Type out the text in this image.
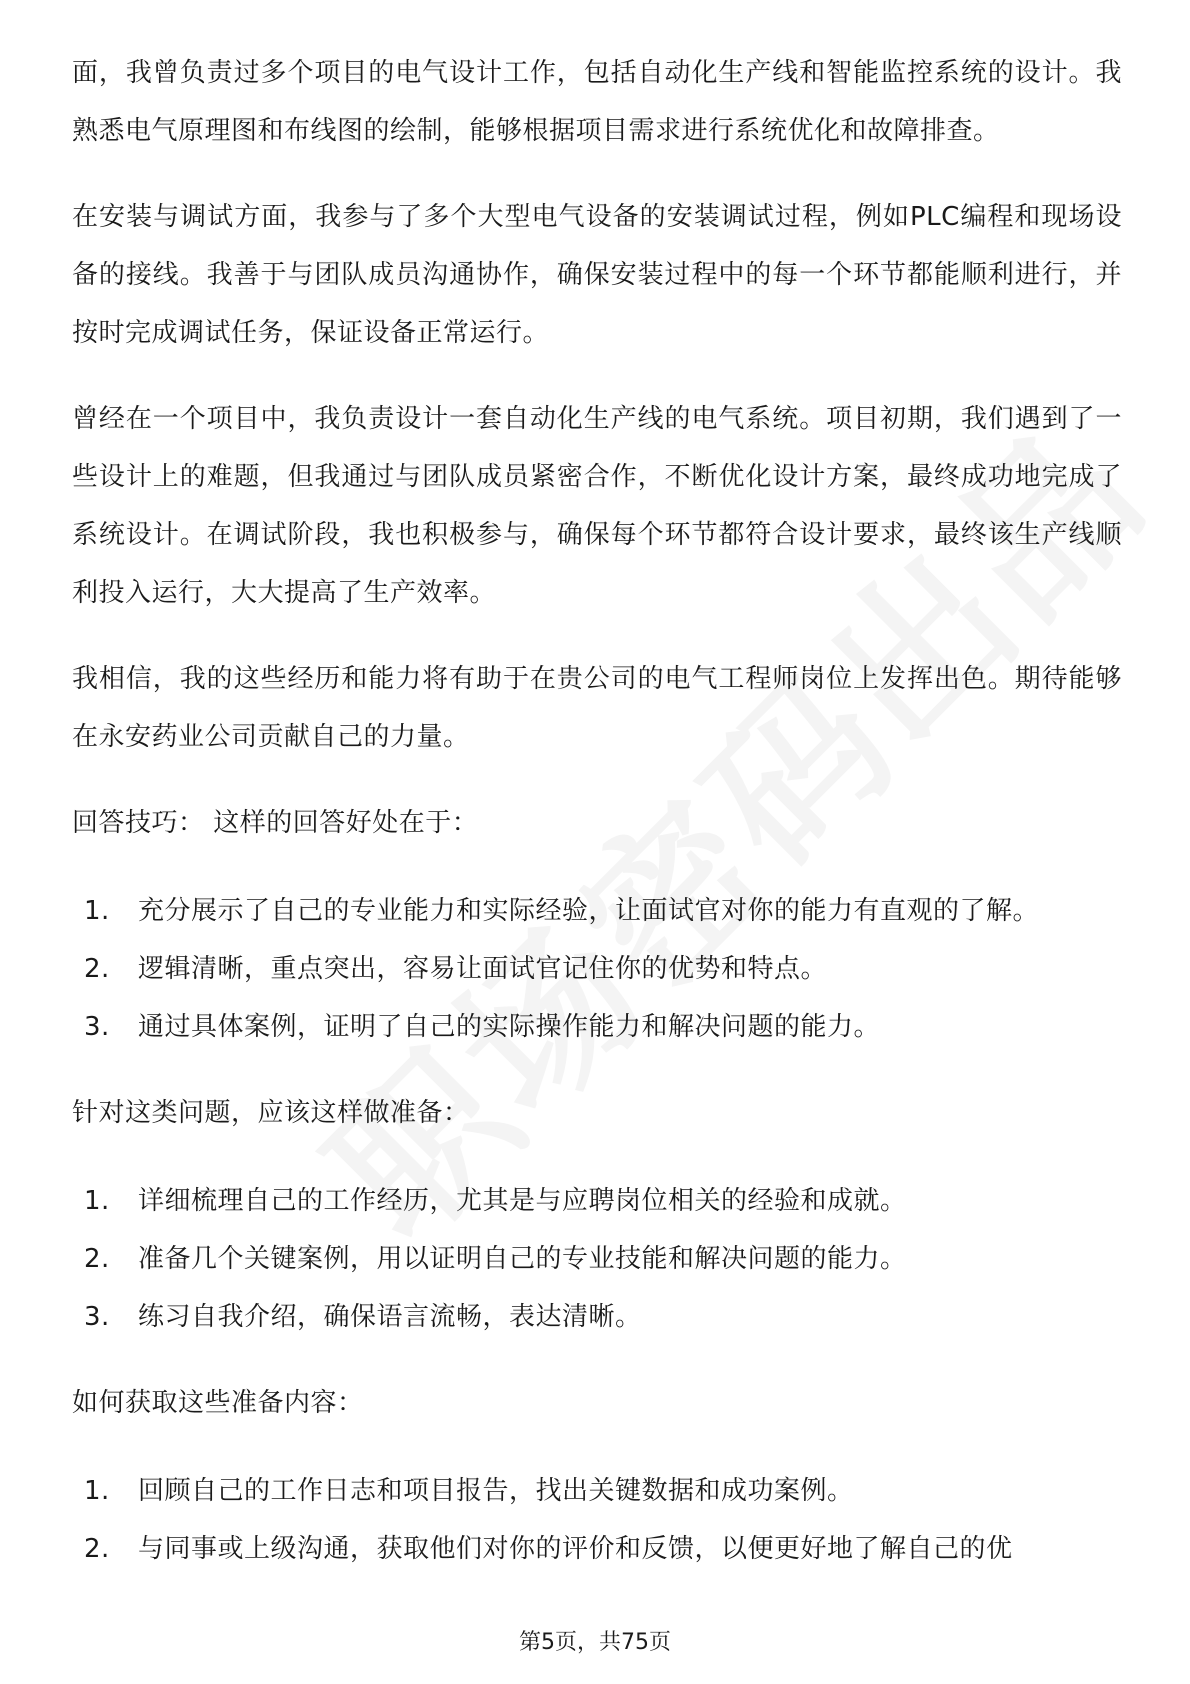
面，我曾负责过多个项目的电气设计工作，包括自动化生产线和智能监控系统的设计。我熟悉电气原理图和布线图的绘制，能够根据项目需求进行系统优化和故障排查。

在安装与调试方面，我参与了多个大型电气设备的安装调试过程，例如PLC编程和现场设备的接线。我善于与团队成员沟通协作，确保安装过程中的每一个环节都能顺利进行，并按时完成调试任务，保证设备正常运行。

曾经在一个项目中，我负责设计一套自动化生产线的电气系统。项目初期，我们遇到了一些设计上的难题，但我通过与团队成员紧密合作，不断优化设计方案，最终成功地完成了系统设计。在调试阶段，我也积极参与，确保每个环节都符合设计要求，最终该生产线顺利投入运行，大大提高了生产效率。

我相信，我的这些经历和能力将有助于在贵公司的电气工程师岗位上发挥出色。期待能够在永安药业公司贡献自己的力量。

回答技巧： 这样的回答好处在于：

1.	充分展示了自己的专业能力和实际经验，让面试官对你的能力有直观的了解。
2.	逻辑清晰，重点突出，容易让面试官记住你的优势和特点。
3.	通过具体案例，证明了自己的实际操作能力和解决问题的能力。

针对这类问题，应该这样做准备：

1.	详细梳理自己的工作经历，尤其是与应聘岗位相关的经验和成就。
2.	准备几个关键案例，用以证明自己的专业技能和解决问题的能力。
3.	练习自我介绍，确保语言流畅，表达清晰。

如何获取这些准备内容：

1.	回顾自己的工作日志和项目报告，找出关键数据和成功案例。
2.	与同事或上级沟通，获取他们对你的评价和反馈，以便更好地了解自己的优
第5页，共75页
